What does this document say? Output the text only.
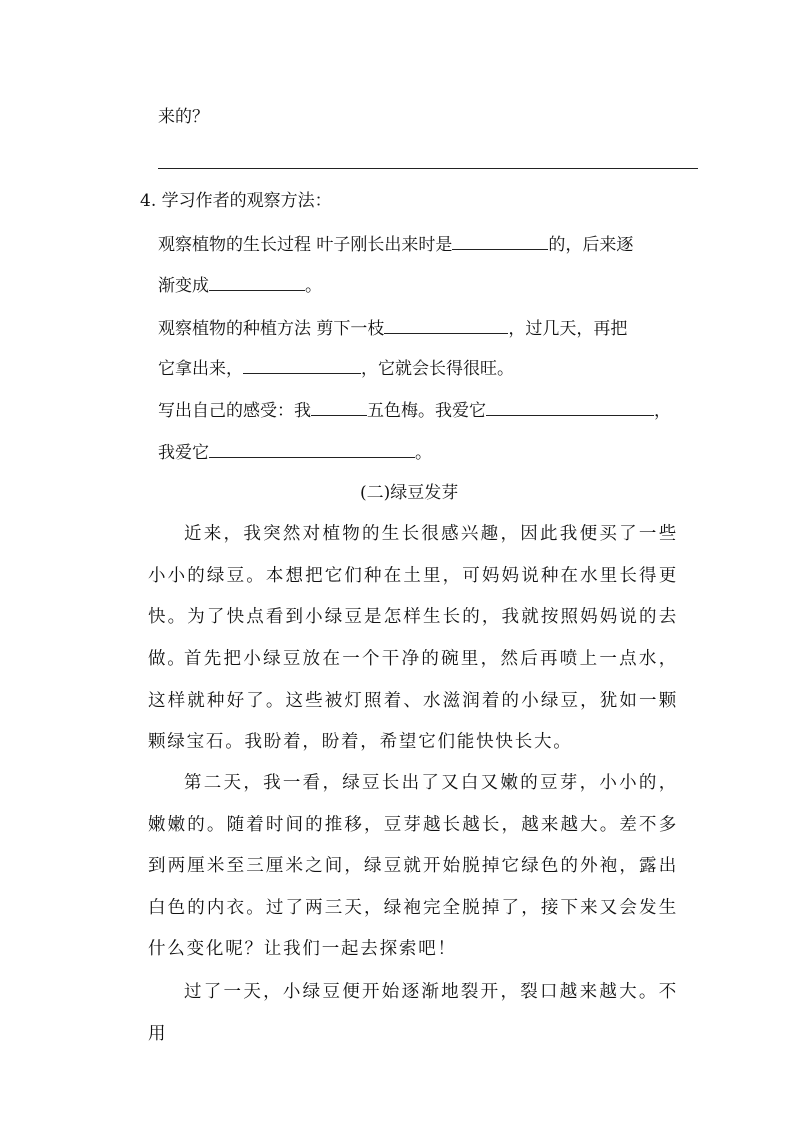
来的？
4. 学习作者的观察方法：
观察植物的生长过程 叶子刚长出来时是	的，后来逐
渐变成	。
观察植物的种植方法 剪下一枝	，过几天，再把
它拿出来，	，它就会长得很旺。
写出自己的感受：我	五色梅。我爱它	，
我爱它	。
(二)绿豆发芽
近来，我突然对植物的生长很感兴趣，因此我便买了一些小小的绿豆。本想把它们种在土里，可妈妈说种在水里长得更快。为了快点看到小绿豆是怎样生长的，我就按照妈妈说的去做。
首先把小绿豆放在一个干净的碗里，然后再喷上一点水，这样就种好了。这些被灯照着、水滋润着的小绿豆，犹如一颗颗绿宝石。我盼着，盼着，希望它们能快快长大。
第二天，我一看，绿豆长出了又白又嫩的豆芽，小小的，嫩嫩的。随着时间的推移，豆芽越长越长，越来越大。差不多到两厘米至三厘米之间，绿豆就开始脱掉它绿色的外袍，露出白色的内衣。过了两三天，绿袍完全脱掉了，接下来又会发生什么变化呢？让我们一起去探索吧！
过了一天，小绿豆便开始逐渐地裂开，裂口越来越大。不用
